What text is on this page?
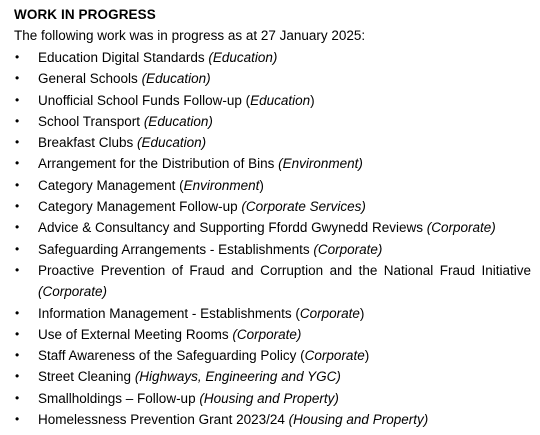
WORK IN PROGRESS

The following work was in progress as at 27 January 2025:

•	Education Digital Standards (Education)
•	General Schools (Education)
•	Unofficial School Funds Follow-up (Education)
•	School Transport (Education)
•	Breakfast Clubs (Education)
•	Arrangement for the Distribution of Bins (Environment)
•	Category Management (Environment)
•	Category Management Follow-up (Corporate Services)
•	Advice & Consultancy and Supporting Ffordd Gwynedd Reviews (Corporate)
•	Safeguarding Arrangements - Establishments (Corporate)
•	Proactive Prevention of Fraud and Corruption and the National Fraud Initiative (Corporate)
•	Information Management - Establishments (Corporate)
•	Use of External Meeting Rooms (Corporate)
•	Staff Awareness of the Safeguarding Policy (Corporate)
•	Street Cleaning (Highways, Engineering and YGC)
•	Smallholdings – Follow-up (Housing and Property)
•	Homelessness Prevention Grant 2023/24 (Housing and Property)
